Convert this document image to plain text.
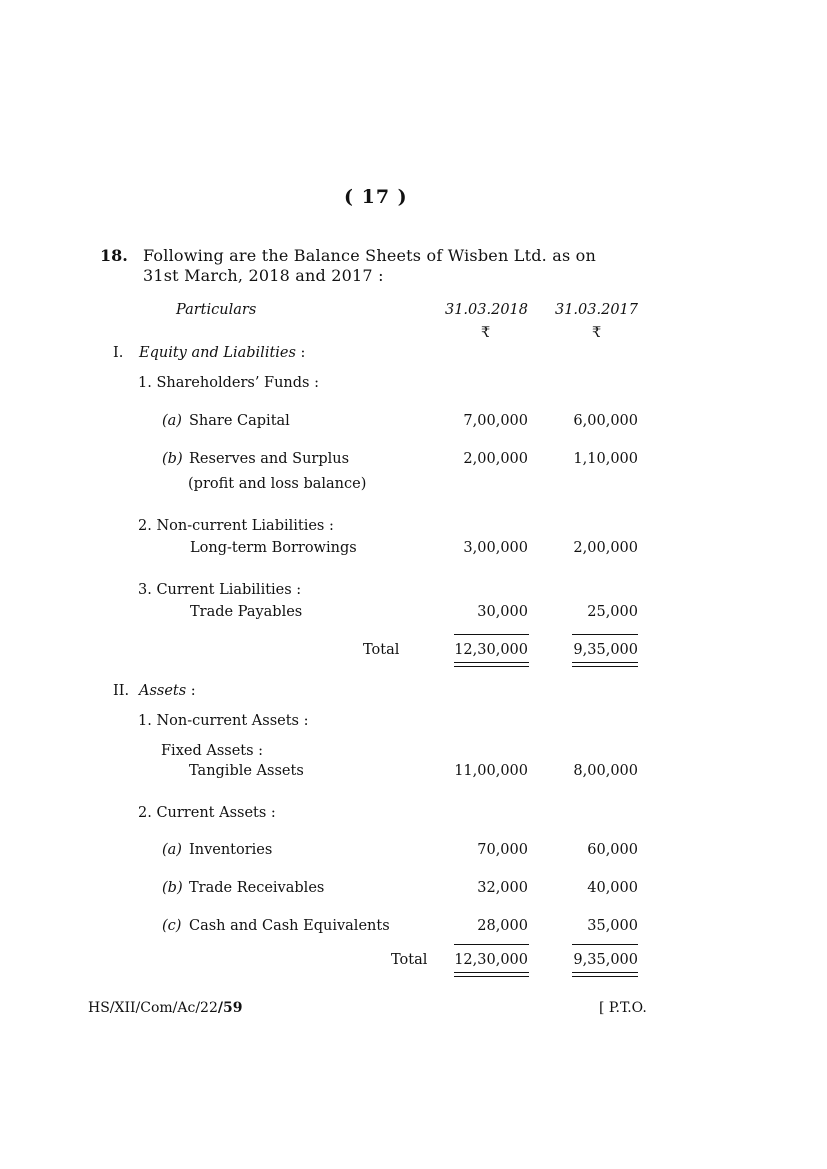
( 17 )
18. Following are the Balance Sheets of Wisben Ltd. as on
31st March, 2018 and 2017 :
Particulars	31.03.2018	31.03.2017
₹	₹
I. Equity and Liabilities :
1. Shareholders’ Funds :
(a) Share Capital	7,00,000	6,00,000
(b) Reserves and Surplus	2,00,000	1,10,000
(profit and loss balance)
2. Non-current Liabilities :
Long-term Borrowings	3,00,000	2,00,000
3. Current Liabilities :
Trade Payables	30,000	25,000
Total	12,30,000	9,35,000
II. Assets :
1. Non-current Assets :
Fixed Assets :
Tangible Assets	11,00,000	8,00,000
2. Current Assets :
(a) Inventories	70,000	60,000
(b) Trade Receivables	32,000	40,000
(c) Cash and Cash Equivalents	28,000	35,000
Total	12,30,000	9,35,000
HS/XII/Com/Ac/22/59	[ P.T.O.
